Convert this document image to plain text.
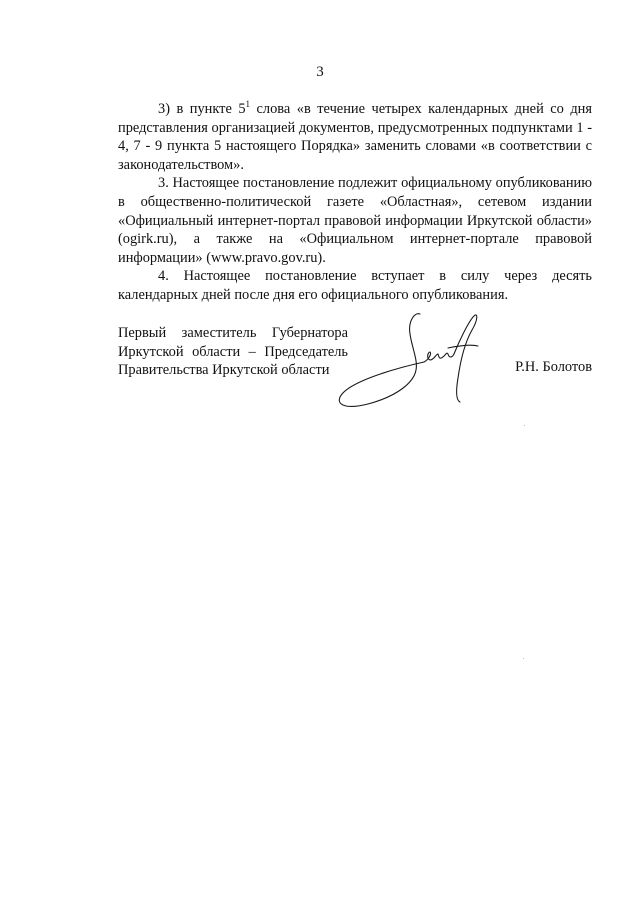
3

3) в пункте $5^1$ слова «в течение четырех календарных дней со дня представления организацией документов, предусмотренных подпунктами 1 - 4, 7 - 9 пункта 5 настоящего Порядка» заменить словами «в соответствии с законодательством».

3. Настоящее постановление подлежит официальному опубликованию в общественно-политической газете «Областная», сетевом издании «Официальный интернет-портал правовой информации Иркутской области» (ogirk.ru), а также на «Официальном интернет-портале правовой информации» (www.pravo.gov.ru).

4. Настоящее постановление вступает в силу через десять календарных дней после дня его официального опубликования.

Первый заместитель Губернатора
Иркутской области – Председатель
Правительства Иркутской области	Р.Н. Болотов
